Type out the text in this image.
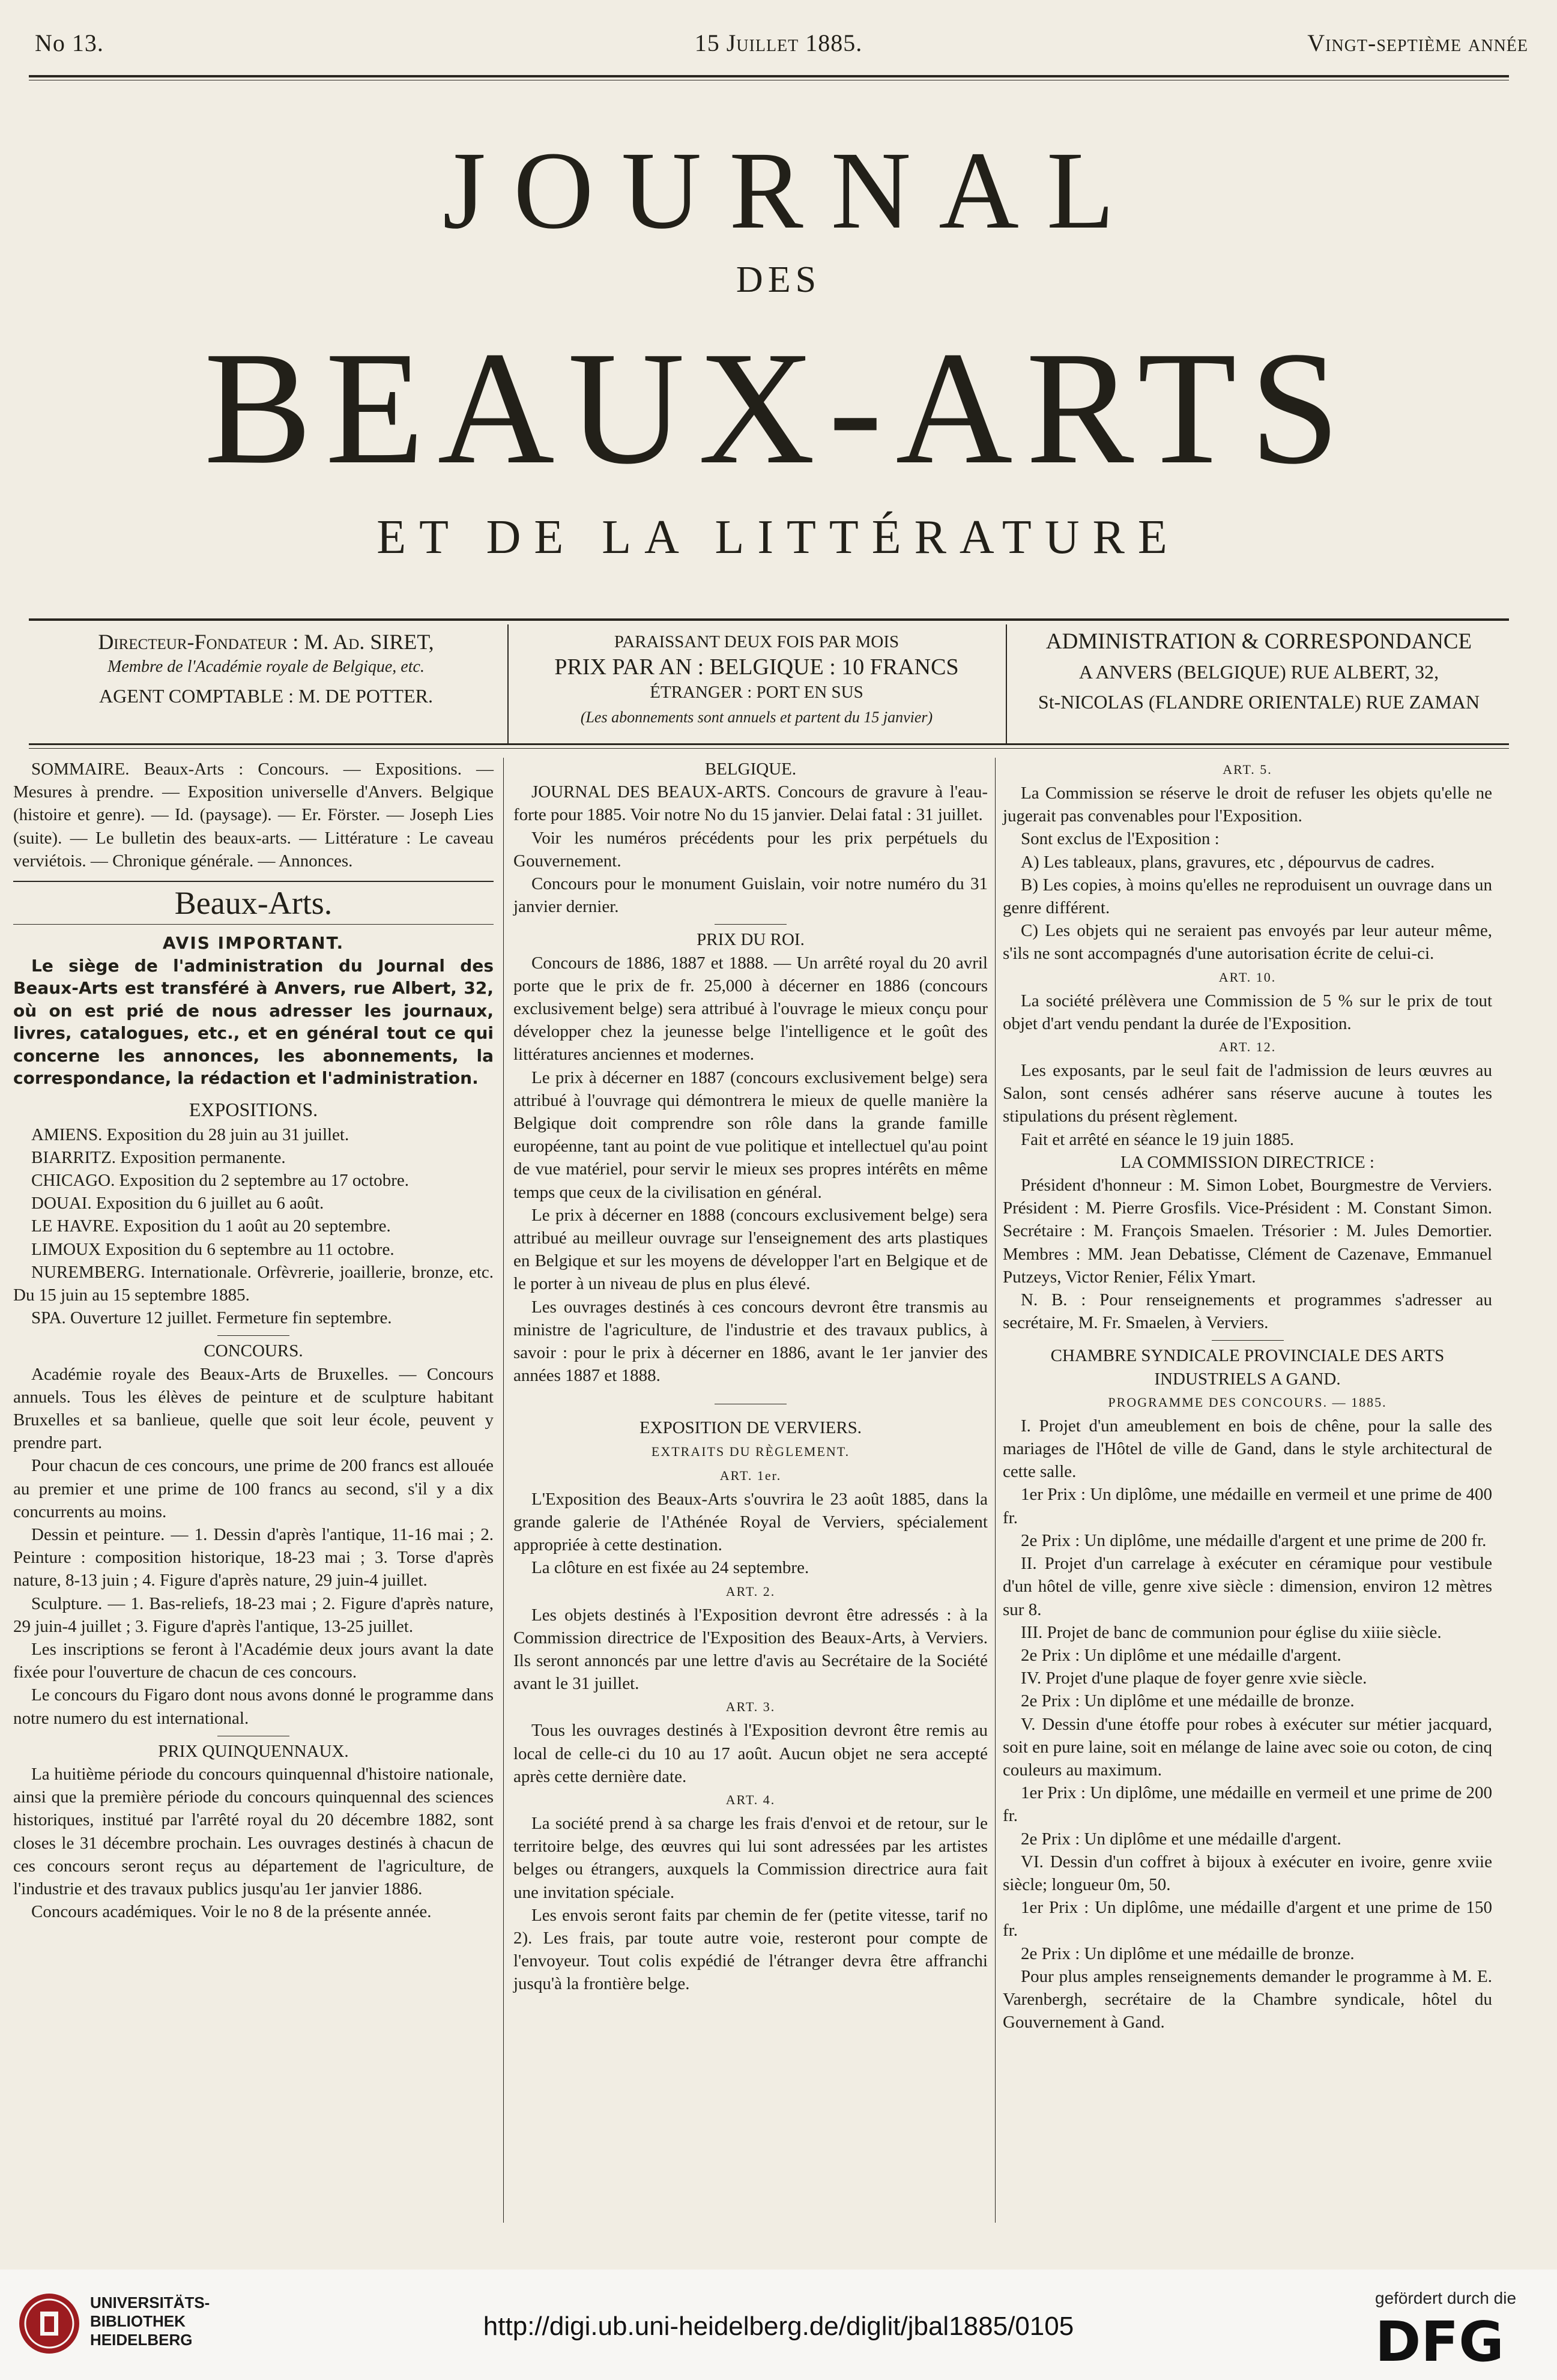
No 13.	15 Juillet 1885.	Vingt-septième année
JOURNAL
DES
BEAUX-ARTS
ET DE LA LITTÉRATURE
Directeur-Fondateur : M. Ad. SIRET,
Membre de l'Académie royale de Belgique, etc.
AGENT COMPTABLE : M. DE POTTER.
PARAISSANT DEUX FOIS PAR MOIS
PRIX PAR AN : BELGIQUE : 10 FRANCS
ÉTRANGER : PORT EN SUS
(Les abonnements sont annuels et partent du 15 janvier)
ADMINISTRATION & CORRESPONDANCE
A ANVERS (BELGIQUE) RUE ALBERT, 32,
St-NICOLAS (FLANDRE ORIENTALE) RUE ZAMAN

SOMMAIRE. Beaux-Arts : Concours. — Expositions. — Mesures à prendre. — Exposition universelle d'Anvers. Belgique (histoire et genre). — Id. (paysage). — Er. Förster. — Joseph Lies (suite). — Le bulletin des beaux-arts. — Littérature : Le caveau verviétois. — Chronique générale. — Annonces.

Beaux-Arts.
AVIS IMPORTANT.

Le siège de l'administration du Journal des Beaux-Arts est transféré à Anvers, rue Albert, 32, où on est prié de nous adresser les journaux, livres, catalogues, etc., et en général tout ce qui concerne les annonces, les abonnements, la correspondance, la rédaction et l'administration.

EXPOSITIONS.

AMIENS. Exposition du 28 juin au 31 juillet.

BIARRITZ. Exposition permanente.

CHICAGO. Exposition du 2 septembre au 17 octobre.

DOUAI. Exposition du 6 juillet au 6 août.

LE HAVRE. Exposition du 1 août au 20 septembre.

LIMOUX Exposition du 6 septembre au 11 octobre.

NUREMBERG. Internationale. Orfèvrerie, joaillerie, bronze, etc. Du 15 juin au 15 septembre 1885.

SPA. Ouverture 12 juillet. Fermeture fin septembre.

CONCOURS.

Académie royale des Beaux-Arts de Bruxelles. — Concours annuels. Tous les élèves de peinture et de sculpture habitant Bruxelles et sa banlieue, quelle que soit leur école, peuvent y prendre part.

Pour chacun de ces concours, une prime de 200 francs est allouée au premier et une prime de 100 francs au second, s'il y a dix concurrents au moins.

Dessin et peinture. — 1. Dessin d'après l'antique, 11-16 mai ; 2. Peinture : composition historique, 18-23 mai ; 3. Torse d'après nature, 8-13 juin ; 4. Figure d'après nature, 29 juin-4 juillet.

Sculpture. — 1. Bas-reliefs, 18-23 mai ; 2. Figure d'après nature, 29 juin-4 juillet ; 3. Figure d'après l'antique, 13-25 juillet.

Les inscriptions se feront à l'Académie deux jours avant la date fixée pour l'ouverture de chacun de ces concours.

Le concours du Figaro dont nous avons donné le programme dans notre numero du est international.

PRIX QUINQUENNAUX.

La huitième période du concours quinquennal d'histoire nationale, ainsi que la première période du concours quinquennal des sciences historiques, institué par l'arrêté royal du 20 décembre 1882, sont closes le 31 décembre prochain. Les ouvrages destinés à chacun de ces concours seront reçus au département de l'agriculture, de l'industrie et des travaux publics jusqu'au 1er janvier 1886.

Concours académiques. Voir le no 8 de la présente année.

BELGIQUE.

JOURNAL DES BEAUX-ARTS. Concours de gravure à l'eau-forte pour 1885. Voir notre No du 15 janvier. Delai fatal : 31 juillet.

Voir les numéros précédents pour les prix perpétuels du Gouvernement.

Concours pour le monument Guislain, voir notre numéro du 31 janvier dernier.

PRIX DU ROI.

Concours de 1886, 1887 et 1888. — Un arrêté royal du 20 avril porte que le prix de fr. 25,000 à décerner en 1886 (concours exclusivement belge) sera attribué à l'ouvrage le mieux conçu pour développer chez la jeunesse belge l'intelligence et le goût des littératures anciennes et modernes.

Le prix à décerner en 1887 (concours exclusivement belge) sera attribué à l'ouvrage qui démontrera le mieux de quelle manière la Belgique doit comprendre son rôle dans la grande famille européenne, tant au point de vue politique et intellectuel qu'au point de vue matériel, pour servir le mieux ses propres intérêts en même temps que ceux de la civilisation en général.

Le prix à décerner en 1888 (concours exclusivement belge) sera attribué au meilleur ouvrage sur l'enseignement des arts plastiques en Belgique et sur les moyens de développer l'art en Belgique et de le porter à un niveau de plus en plus élevé.

Les ouvrages destinés à ces concours devront être transmis au ministre de l'agriculture, de l'industrie et des travaux publics, à savoir : pour le prix à décerner en 1886, avant le 1er janvier des années 1887 et 1888.

EXPOSITION DE VERVIERS.
EXTRAITS DU RÈGLEMENT.
ART. 1er.

L'Exposition des Beaux-Arts s'ouvrira le 23 août 1885, dans la grande galerie de l'Athénée Royal de Verviers, spécialement appropriée à cette destination.

La clôture en est fixée au 24 septembre.

ART. 2.

Les objets destinés à l'Exposition devront être adressés : à la Commission directrice de l'Exposition des Beaux-Arts, à Verviers. Ils seront annoncés par une lettre d'avis au Secrétaire de la Société avant le 31 juillet.

ART. 3.

Tous les ouvrages destinés à l'Exposition devront être remis au local de celle-ci du 10 au 17 août. Aucun objet ne sera accepté après cette dernière date.

ART. 4.

La société prend à sa charge les frais d'envoi et de retour, sur le territoire belge, des œuvres qui lui sont adressées par les artistes belges ou étrangers, auxquels la Commission directrice aura fait une invitation spéciale.

Les envois seront faits par chemin de fer (petite vitesse, tarif no 2). Les frais, par toute autre voie, resteront pour compte de l'envoyeur. Tout colis expédié de l'étranger devra être affranchi jusqu'à la frontière belge.

ART. 5.

La Commission se réserve le droit de refuser les objets qu'elle ne jugerait pas convenables pour l'Exposition.

Sont exclus de l'Exposition :

A) Les tableaux, plans, gravures, etc , dépourvus de cadres.

B) Les copies, à moins qu'elles ne reproduisent un ouvrage dans un genre différent.

C) Les objets qui ne seraient pas envoyés par leur auteur même, s'ils ne sont accompagnés d'une autorisation écrite de celui-ci.

ART. 10.

La société prélèvera une Commission de 5 % sur le prix de tout objet d'art vendu pendant la durée de l'Exposition.

ART. 12.

Les exposants, par le seul fait de l'admission de leurs œuvres au Salon, sont censés adhérer sans réserve aucune à toutes les stipulations du présent règlement.

Fait et arrêté en séance le 19 juin 1885.

LA COMMISSION DIRECTRICE :

Président d'honneur : M. Simon Lobet, Bourgmestre de Verviers. Président : M. Pierre Grosfils. Vice-Président : M. Constant Simon. Secrétaire : M. François Smaelen. Trésorier : M. Jules Demortier. Membres : MM. Jean Debatisse, Clément de Cazenave, Emmanuel Putzeys, Victor Renier, Félix Ymart.

N. B. : Pour renseignements et programmes s'adresser au secrétaire, M. Fr. Smaelen, à Verviers.

CHAMBRE SYNDICALE PROVINCIALE DES ARTS INDUSTRIELS A GAND.
PROGRAMME DES CONCOURS. — 1885.

I. Projet d'un ameublement en bois de chêne, pour la salle des mariages de l'Hôtel de ville de Gand, dans le style architectural de cette salle.

1er Prix : Un diplôme, une médaille en vermeil et une prime de 400 fr.

2e Prix : Un diplôme, une médaille d'argent et une prime de 200 fr.

II. Projet d'un carrelage à exécuter en céramique pour vestibule d'un hôtel de ville, genre xive siècle : dimension, environ 12 mètres sur 8.

III. Projet de banc de communion pour église du xiiie siècle.

2e Prix : Un diplôme et une médaille d'argent.

IV. Projet d'une plaque de foyer genre xvie siècle.

2e Prix : Un diplôme et une médaille de bronze.

V. Dessin d'une étoffe pour robes à exécuter sur métier jacquard, soit en pure laine, soit en mélange de laine avec soie ou coton, de cinq couleurs au maximum.

1er Prix : Un diplôme, une médaille en vermeil et une prime de 200 fr.

2e Prix : Un diplôme et une médaille d'argent.

VI. Dessin d'un coffret à bijoux à exécuter en ivoire, genre xviie siècle; longueur 0m, 50.

1er Prix : Un diplôme, une médaille d'argent et une prime de 150 fr.

2e Prix : Un diplôme et une médaille de bronze.

Pour plus amples renseignements demander le programme à M. E. Varenbergh, secrétaire de la Chambre syndicale, hôtel du Gouvernement à Gand.

UNIVERSITÄTS-
BIBLIOTHEK
HEIDELBERG	http://digi.ub.uni-heidelberg.de/diglit/jbal1885/0105
gefördert durch die
DFG
